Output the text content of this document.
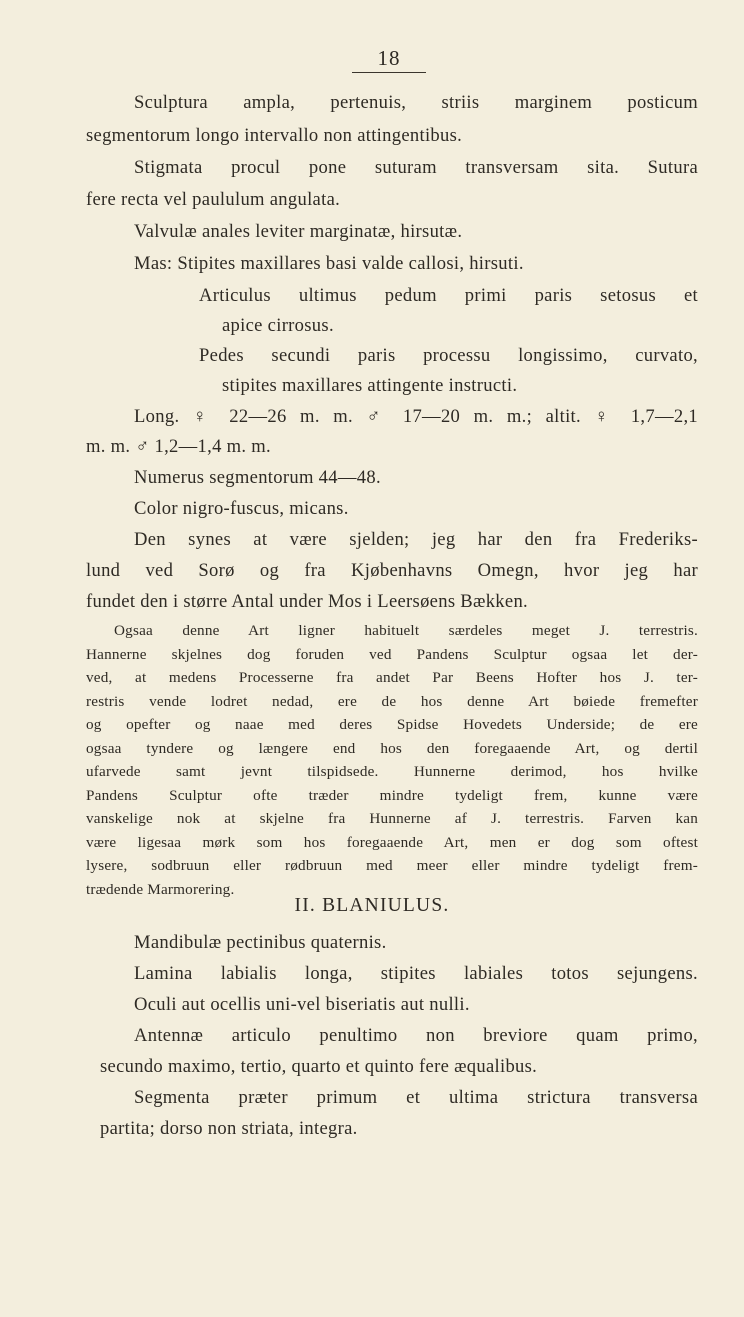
18
Sculptura ampla, pertenuis, striis marginem posticum
segmentorum longo intervallo non attingentibus.
Stigmata procul pone suturam transversam sita. Sutura
fere recta vel paululum angulata.
Valvulæ anales leviter marginatæ, hirsutæ.
Mas: Stipites maxillares basi valde callosi, hirsuti.
Articulus ultimus pedum primi paris setosus et
apice cirrosus.
Pedes secundi paris processu longissimo, curvato,
stipites maxillares attingente instructi.
Long. ♀ 22—26 m. m. ♂ 17—20 m. m.; altit. ♀ 1,7—2,1
m. m. ♂ 1,2—1,4 m. m.
Numerus segmentorum 44—48.
Color nigro-fuscus, micans.
Den synes at være sjelden; jeg har den fra Frederiks-
lund ved Sorø og fra Kjøbenhavns Omegn, hvor jeg har
fundet den i større Antal under Mos i Leersøens Bækken.
Ogsaa denne Art ligner habituelt særdeles meget J. terrestris.
Hannerne skjelnes dog foruden ved Pandens Sculptur ogsaa let der-
ved, at medens Processerne fra andet Par Beens Hofter hos J. ter-
restris vende lodret nedad, ere de hos denne Art bøiede fremefter
og opefter og naae med deres Spidse Hovedets Underside; de ere
ogsaa tyndere og længere end hos den foregaaende Art, og dertil
ufarvede samt jevnt tilspidsede. Hunnerne derimod, hos hvilke
Pandens Sculptur ofte træder mindre tydeligt frem, kunne være
vanskelige nok at skjelne fra Hunnerne af J. terrestris. Farven kan
være ligesaa mørk som hos foregaaende Art, men er dog som oftest
lysere, sodbruun eller rødbruun med meer eller mindre tydeligt frem-
trædende Marmorering.
II. BLANIULUS.
Mandibulæ pectinibus quaternis.
Lamina labialis longa, stipites labiales totos sejungens.
Oculi aut ocellis uni-vel biseriatis aut nulli.
Antennæ articulo penultimo non breviore quam primo,
secundo maximo, tertio, quarto et quinto fere æqualibus.
Segmenta præter primum et ultima strictura transversa
partita; dorso non striata, integra.
